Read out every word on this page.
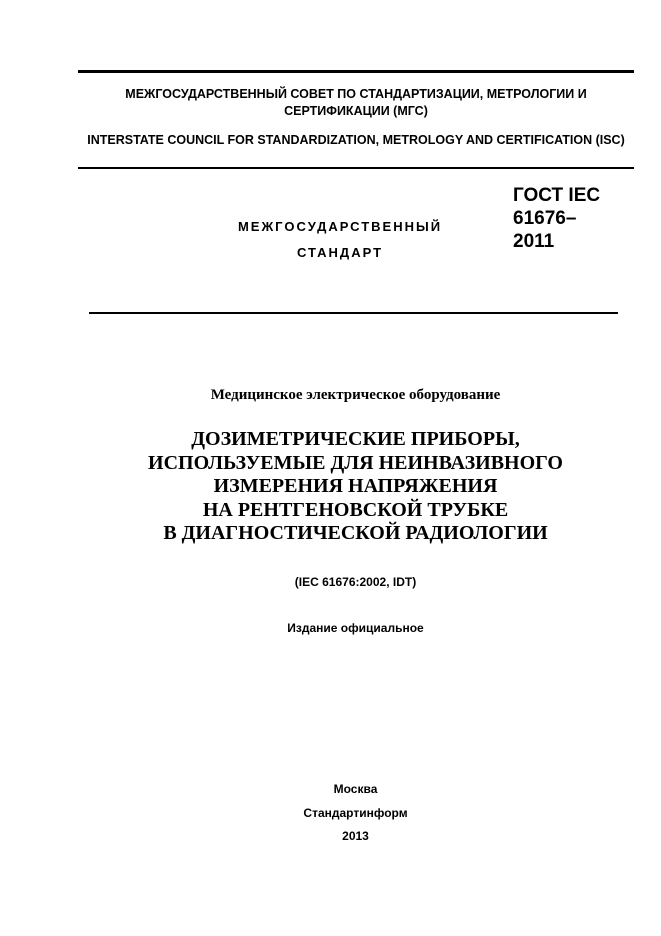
МЕЖГОСУДАРСТВЕННЫЙ СОВЕТ ПО СТАНДАРТИЗАЦИИ, МЕТРОЛОГИИ И СЕРТИФИКАЦИИ (МГС)
INTERSTATE COUNCIL FOR STANDARDIZATION, METROLOGY AND CERTIFICATION (ISC)
МЕЖГОСУДАРСТВЕННЫЙ
СТАНДАРТ
ГОСТ IEC
61676–
2011
Медицинское электрическое оборудование
ДОЗИМЕТРИЧЕСКИЕ ПРИБОРЫ,
ИСПОЛЬЗУЕМЫЕ ДЛЯ НЕИНВАЗИВНОГО
ИЗМЕРЕНИЯ НАПРЯЖЕНИЯ
НА РЕНТГЕНОВСКОЙ ТРУБКЕ
В ДИАГНОСТИЧЕСКОЙ РАДИОЛОГИИ
(IEC 61676:2002, IDT)
Издание официальное
Москва
Стандартинформ
2013
